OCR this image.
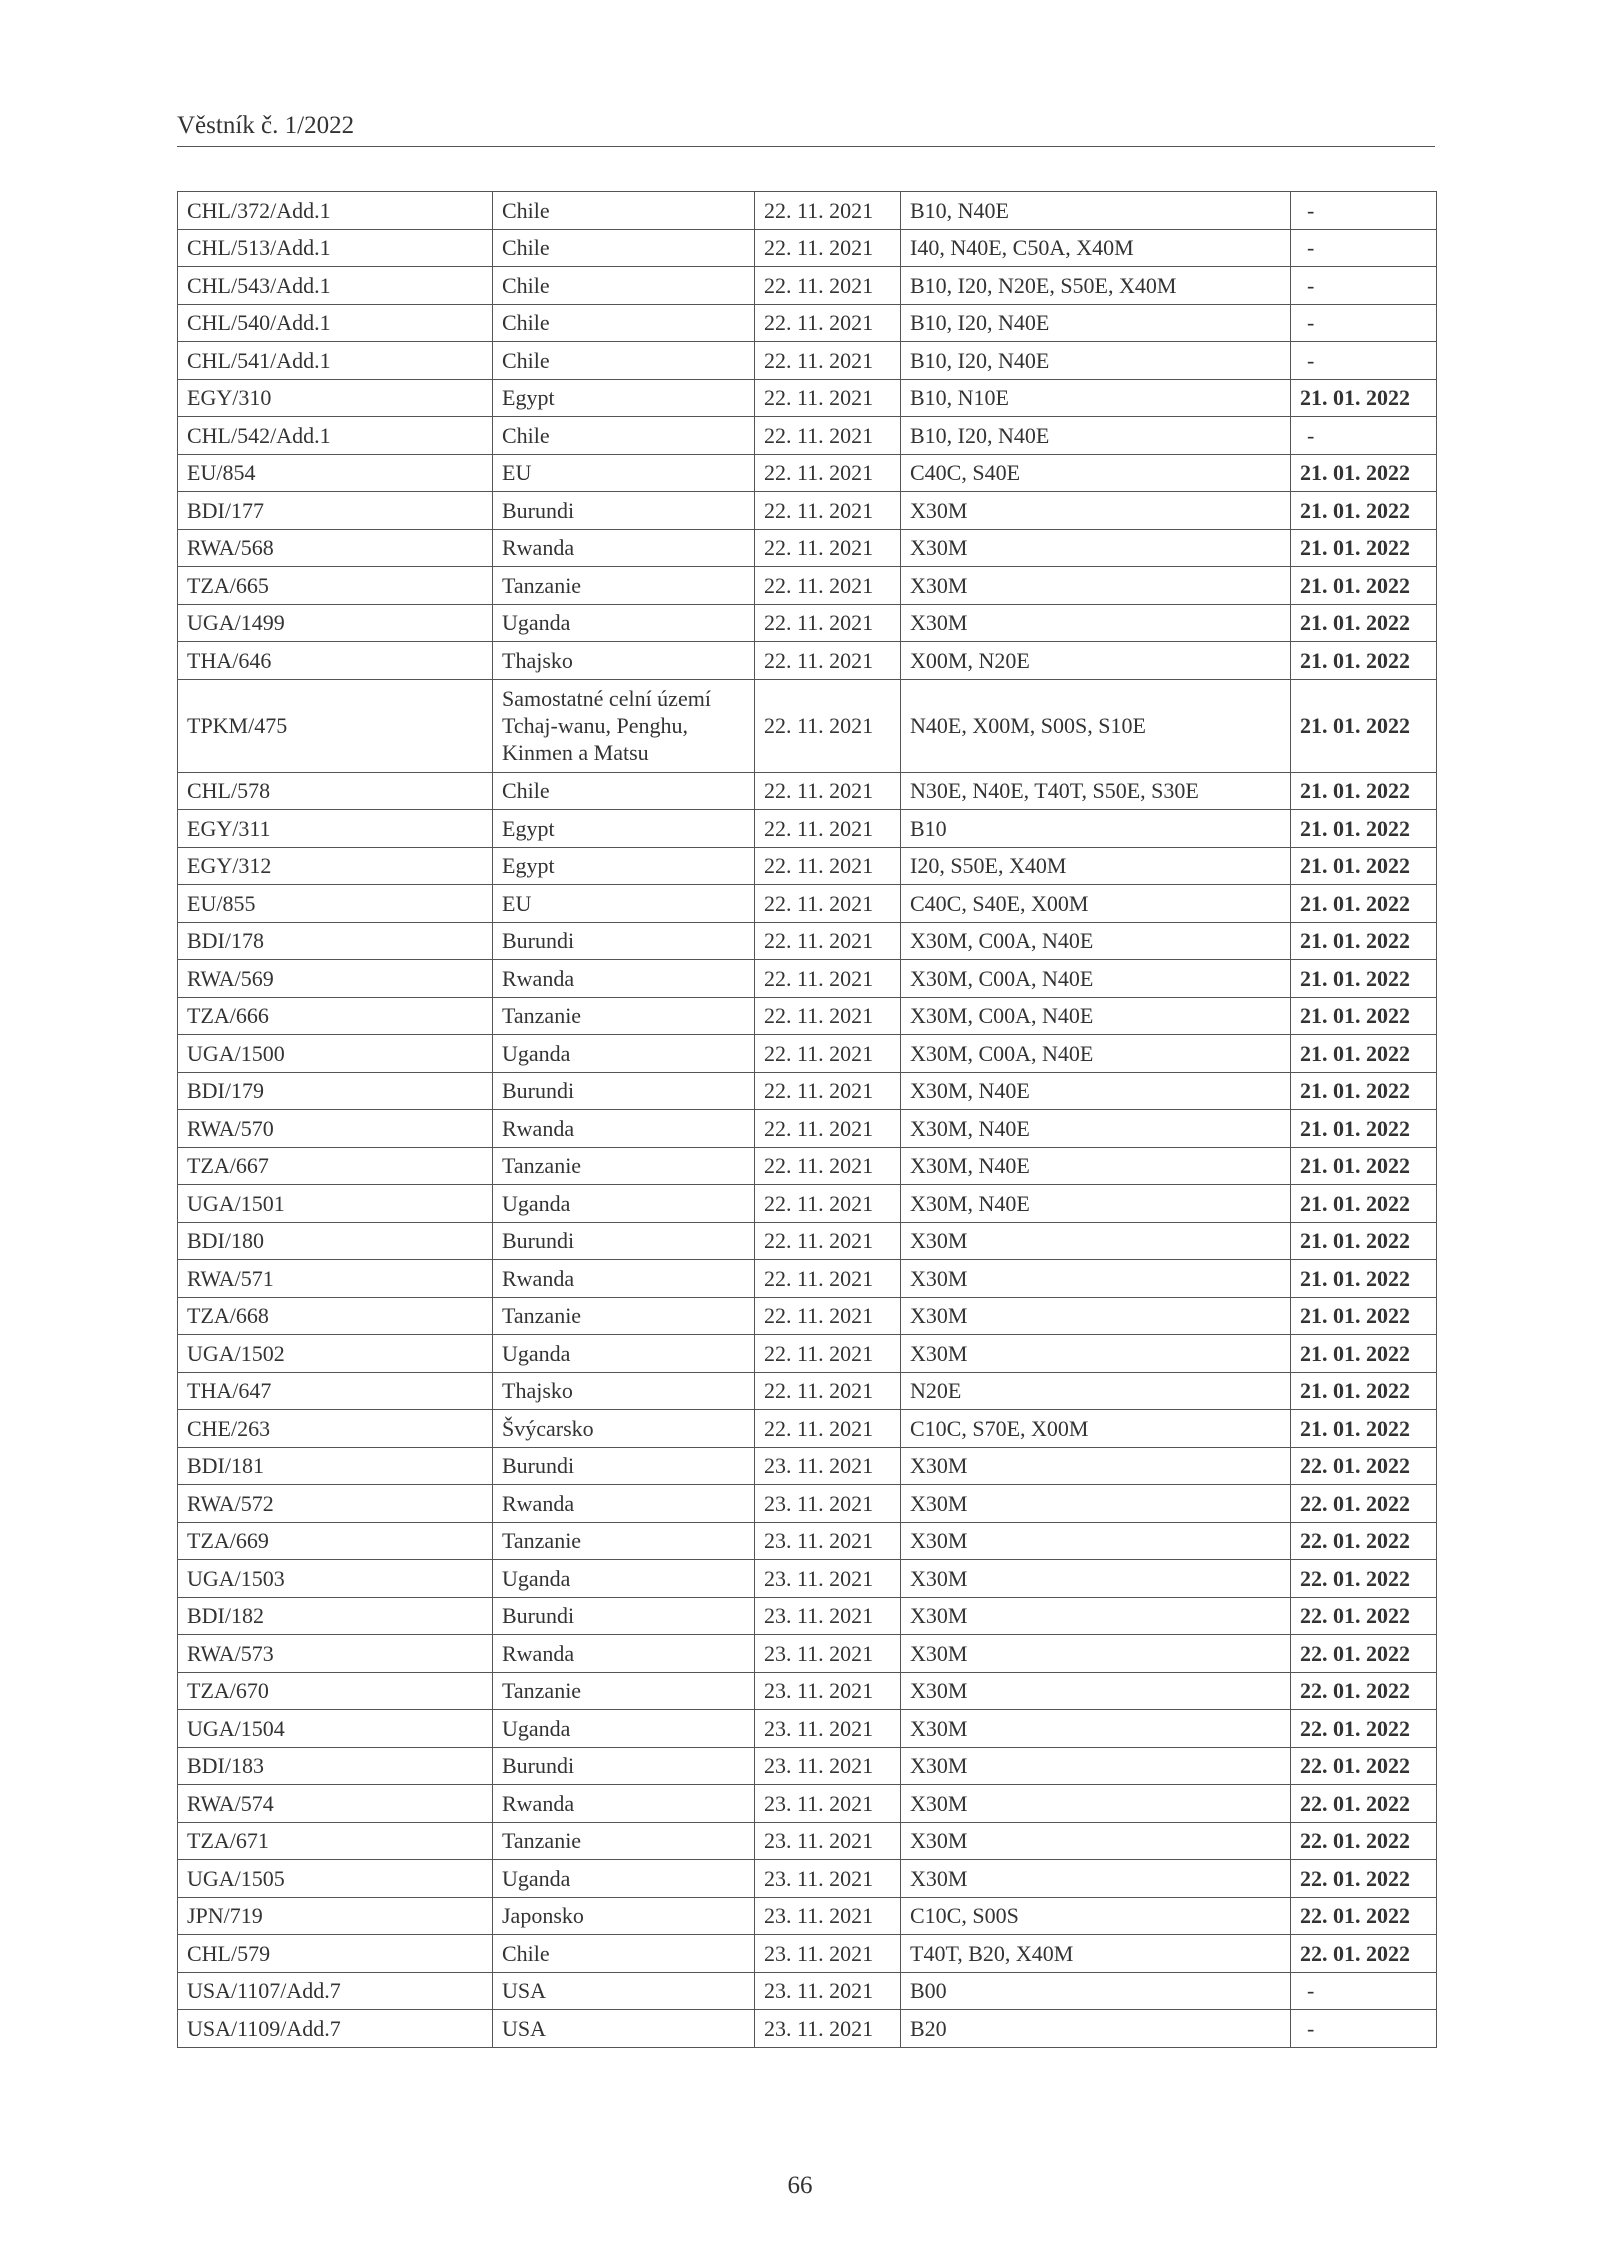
Věstník č. 1/2022
CHL/372/Add.1	Chile	22. 11. 2021	B10, N40E	-
CHL/513/Add.1	Chile	22. 11. 2021	I40, N40E, C50A, X40M	-
CHL/543/Add.1	Chile	22. 11. 2021	B10, I20, N20E, S50E, X40M	-
CHL/540/Add.1	Chile	22. 11. 2021	B10, I20, N40E	-
CHL/541/Add.1	Chile	22. 11. 2021	B10, I20, N40E	-
EGY/310	Egypt	22. 11. 2021	B10, N10E	21. 01. 2022
CHL/542/Add.1	Chile	22. 11. 2021	B10, I20, N40E	-
EU/854	EU	22. 11. 2021	C40C, S40E	21. 01. 2022
BDI/177	Burundi	22. 11. 2021	X30M	21. 01. 2022
RWA/568	Rwanda	22. 11. 2021	X30M	21. 01. 2022
TZA/665	Tanzanie	22. 11. 2021	X30M	21. 01. 2022
UGA/1499	Uganda	22. 11. 2021	X30M	21. 01. 2022
THA/646	Thajsko	22. 11. 2021	X00M, N20E	21. 01. 2022
TPKM/475	Samostatné celní území Tchaj-wanu, Penghu, Kinmen a Matsu	22. 11. 2021	N40E, X00M, S00S, S10E	21. 01. 2022
CHL/578	Chile	22. 11. 2021	N30E, N40E, T40T, S50E, S30E	21. 01. 2022
EGY/311	Egypt	22. 11. 2021	B10	21. 01. 2022
EGY/312	Egypt	22. 11. 2021	I20, S50E, X40M	21. 01. 2022
EU/855	EU	22. 11. 2021	C40C, S40E, X00M	21. 01. 2022
BDI/178	Burundi	22. 11. 2021	X30M, C00A, N40E	21. 01. 2022
RWA/569	Rwanda	22. 11. 2021	X30M, C00A, N40E	21. 01. 2022
TZA/666	Tanzanie	22. 11. 2021	X30M, C00A, N40E	21. 01. 2022
UGA/1500	Uganda	22. 11. 2021	X30M, C00A, N40E	21. 01. 2022
BDI/179	Burundi	22. 11. 2021	X30M, N40E	21. 01. 2022
RWA/570	Rwanda	22. 11. 2021	X30M, N40E	21. 01. 2022
TZA/667	Tanzanie	22. 11. 2021	X30M, N40E	21. 01. 2022
UGA/1501	Uganda	22. 11. 2021	X30M, N40E	21. 01. 2022
BDI/180	Burundi	22. 11. 2021	X30M	21. 01. 2022
RWA/571	Rwanda	22. 11. 2021	X30M	21. 01. 2022
TZA/668	Tanzanie	22. 11. 2021	X30M	21. 01. 2022
UGA/1502	Uganda	22. 11. 2021	X30M	21. 01. 2022
THA/647	Thajsko	22. 11. 2021	N20E	21. 01. 2022
CHE/263	Švýcarsko	22. 11. 2021	C10C, S70E, X00M	21. 01. 2022
BDI/181	Burundi	23. 11. 2021	X30M	22. 01. 2022
RWA/572	Rwanda	23. 11. 2021	X30M	22. 01. 2022
TZA/669	Tanzanie	23. 11. 2021	X30M	22. 01. 2022
UGA/1503	Uganda	23. 11. 2021	X30M	22. 01. 2022
BDI/182	Burundi	23. 11. 2021	X30M	22. 01. 2022
RWA/573	Rwanda	23. 11. 2021	X30M	22. 01. 2022
TZA/670	Tanzanie	23. 11. 2021	X30M	22. 01. 2022
UGA/1504	Uganda	23. 11. 2021	X30M	22. 01. 2022
BDI/183	Burundi	23. 11. 2021	X30M	22. 01. 2022
RWA/574	Rwanda	23. 11. 2021	X30M	22. 01. 2022
TZA/671	Tanzanie	23. 11. 2021	X30M	22. 01. 2022
UGA/1505	Uganda	23. 11. 2021	X30M	22. 01. 2022
JPN/719	Japonsko	23. 11. 2021	C10C, S00S	22. 01. 2022
CHL/579	Chile	23. 11. 2021	T40T, B20, X40M	22. 01. 2022
USA/1107/Add.7	USA	23. 11. 2021	B00	-
USA/1109/Add.7	USA	23. 11. 2021	B20	-
66
